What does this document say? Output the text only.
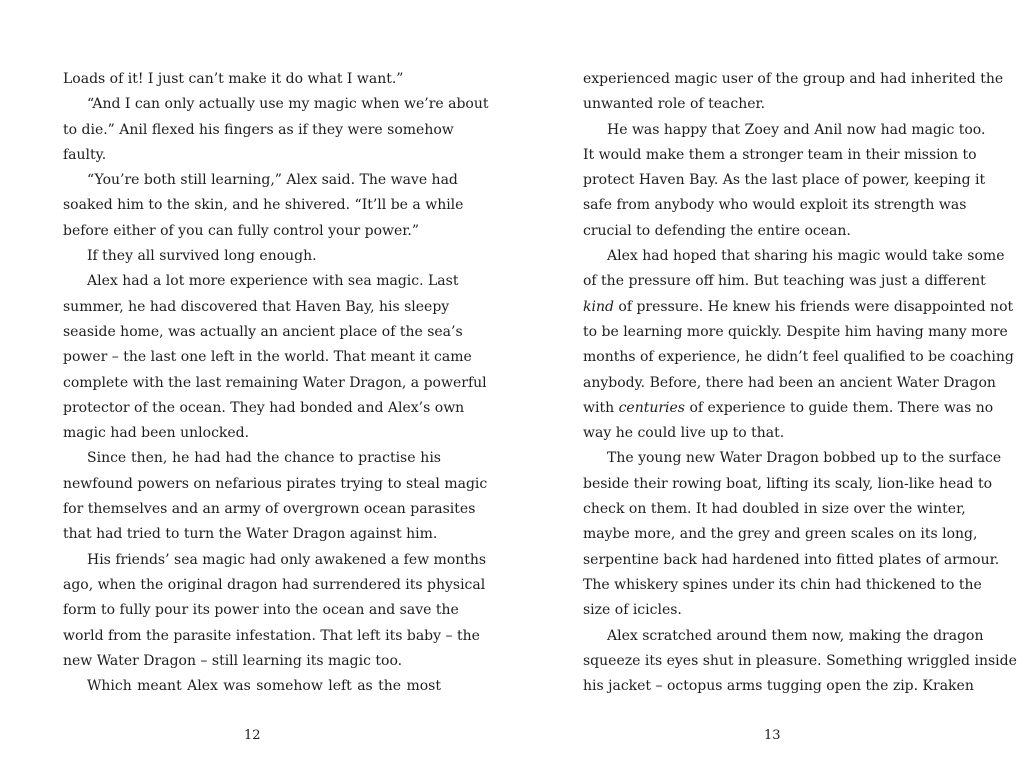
Loads of it! I just can’t make it do what I want.”
“And I can only actually use my magic when we’re about
to die.” Anil flexed his fingers as if they were somehow
faulty.
“You’re both still learning,” Alex said. The wave had
soaked him to the skin, and he shivered. “It’ll be a while
before either of you can fully control your power.”
If they all survived long enough.
Alex had a lot more experience with sea magic. Last
summer, he had discovered that Haven Bay, his sleepy
seaside home, was actually an ancient place of the sea’s
power – the last one left in the world. That meant it came
complete with the last remaining Water Dragon, a powerful
protector of the ocean. They had bonded and Alex’s own
magic had been unlocked.
Since then, he had had the chance to practise his
newfound powers on nefarious pirates trying to steal magic
for themselves and an army of overgrown ocean parasites
that had tried to turn the Water Dragon against him.
His friends’ sea magic had only awakened a few months
ago, when the original dragon had surrendered its physical
form to fully pour its power into the ocean and save the
world from the parasite infestation. That left its baby – the
new Water Dragon – still learning its magic too.
Which meant Alex was somehow left as the most
experienced magic user of the group and had inherited the
unwanted role of teacher.
He was happy that Zoey and Anil now had magic too.
It would make them a stronger team in their mission to
protect Haven Bay. As the last place of power, keeping it
safe from anybody who would exploit its strength was
crucial to defending the entire ocean.
Alex had hoped that sharing his magic would take some
of the pressure off him. But teaching was just a different
kind of pressure. He knew his friends were disappointed not
to be learning more quickly. Despite him having many more
months of experience, he didn’t feel qualified to be coaching
anybody. Before, there had been an ancient Water Dragon
with centuries of experience to guide them. There was no
way he could live up to that.
The young new Water Dragon bobbed up to the surface
beside their rowing boat, lifting its scaly, lion-like head to
check on them. It had doubled in size over the winter,
maybe more, and the grey and green scales on its long,
serpentine back had hardened into fitted plates of armour.
The whiskery spines under its chin had thickened to the
size of icicles.
Alex scratched around them now, making the dragon
squeeze its eyes shut in pleasure. Something wriggled inside
his jacket – octopus arms tugging open the zip. Kraken
12	13
